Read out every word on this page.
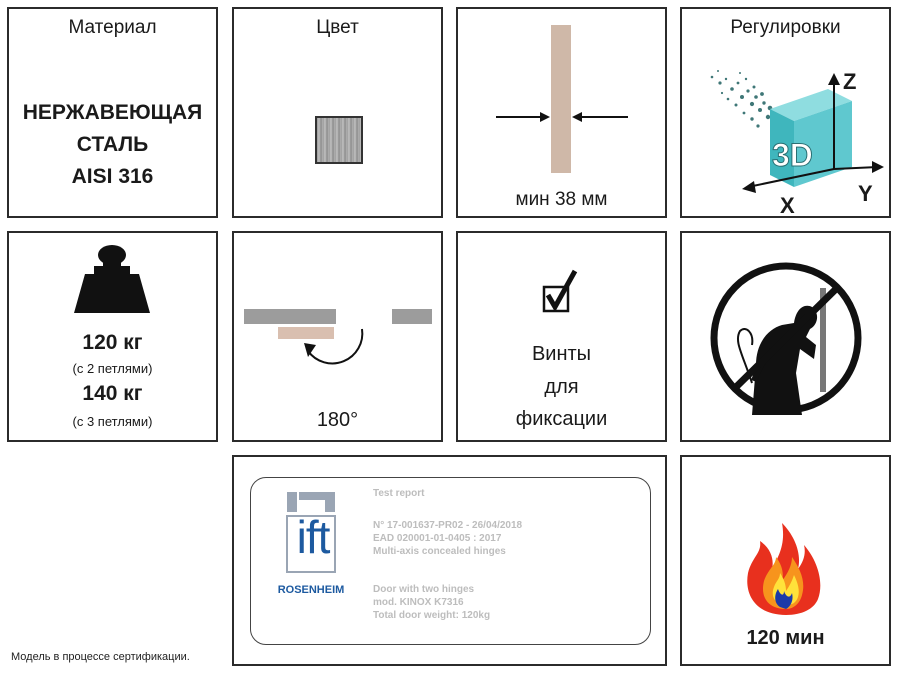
Материал
НЕРЖАВЕЮЩАЯ
СТАЛЬ
AISI 316
Цвет
мин 38 мм
Регулировки
3D
Z
Y
X
120 кг
(с 2 петлями)
140 кг
(с 3 петлями)	180°
Винты
для
фиксации
ift
ROSENHEIM
Test report
N° 17-001637-PR02 - 26/04/2018
EAD 020001-01-0405 : 2017
Multi-axis concealed hinges
Door with two hinges
mod. KINOX K7316
Total door weight: 120kg
120 мин
Модель в процессе сертификации.
